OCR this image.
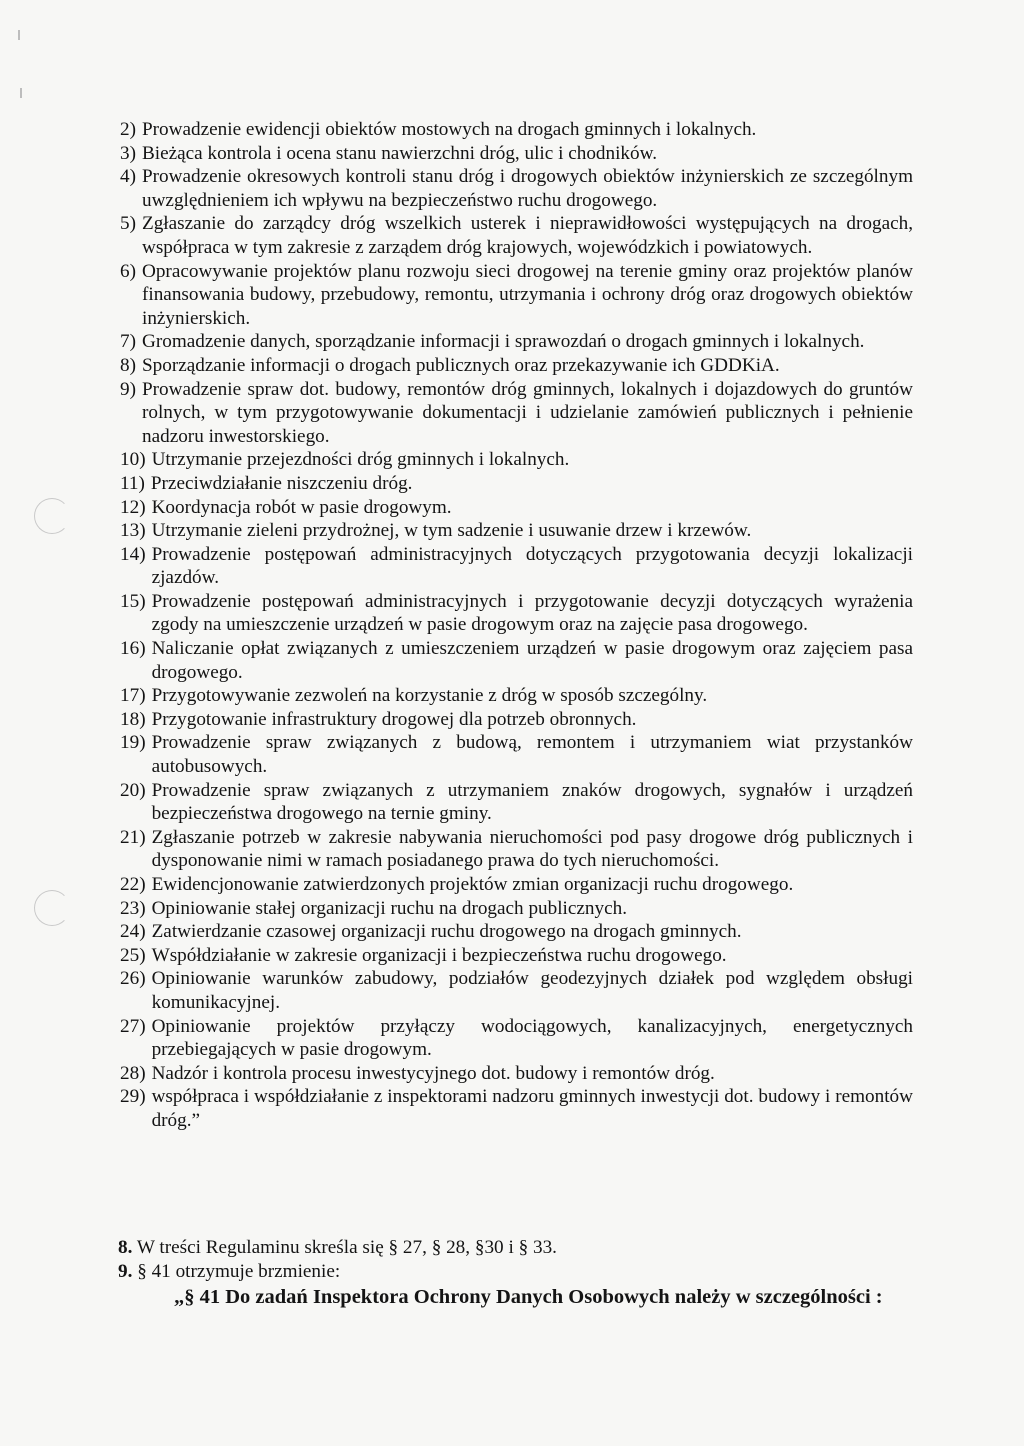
2) Prowadzenie ewidencji obiektów mostowych na drogach gminnych i lokalnych.
3) Bieżąca kontrola i ocena stanu nawierzchni dróg, ulic i chodników.
4) Prowadzenie okresowych kontroli stanu dróg i drogowych obiektów inżynierskich ze szczególnym uwzględnieniem ich wpływu na bezpieczeństwo ruchu drogowego.
5) Zgłaszanie do zarządcy dróg wszelkich usterek i nieprawidłowości występujących na drogach, współpraca w tym zakresie z zarządem dróg krajowych, wojewódzkich i powiatowych.
6) Opracowywanie projektów planu rozwoju sieci drogowej na terenie gminy oraz projektów planów finansowania budowy, przebudowy, remontu, utrzymania i ochrony dróg oraz drogowych obiektów inżynierskich.
7) Gromadzenie danych, sporządzanie informacji i sprawozdań o drogach gminnych i lokalnych.
8) Sporządzanie informacji o drogach publicznych oraz przekazywanie ich GDDKiA.
9) Prowadzenie spraw dot. budowy, remontów dróg gminnych, lokalnych i dojazdowych do gruntów rolnych, w tym przygotowywanie dokumentacji i udzielanie zamówień publicznych i pełnienie nadzoru inwestorskiego.
10) Utrzymanie przejezdności dróg gminnych i lokalnych.
11) Przeciwdziałanie niszczeniu dróg.
12) Koordynacja robót w pasie drogowym.
13) Utrzymanie zieleni przydrożnej, w tym sadzenie i usuwanie drzew i krzewów.
14) Prowadzenie postępowań administracyjnych dotyczących przygotowania decyzji lokalizacji zjazdów.
15) Prowadzenie postępowań administracyjnych i przygotowanie decyzji dotyczących wyrażenia zgody na umieszczenie urządzeń w pasie drogowym oraz na zajęcie pasa drogowego.
16) Naliczanie opłat związanych z umieszczeniem urządzeń w pasie drogowym oraz zajęciem pasa drogowego.
17) Przygotowywanie zezwoleń na korzystanie z dróg w sposób szczególny.
18) Przygotowanie infrastruktury drogowej dla potrzeb obronnych.
19) Prowadzenie spraw związanych z budową, remontem i utrzymaniem wiat przystanków autobusowych.
20) Prowadzenie spraw związanych z utrzymaniem znaków drogowych, sygnałów i urządzeń bezpieczeństwa drogowego na ternie gminy.
21) Zgłaszanie potrzeb w zakresie nabywania nieruchomości pod pasy drogowe dróg publicznych i dysponowanie nimi w ramach posiadanego prawa do tych nieruchomości.
22) Ewidencjonowanie zatwierdzonych projektów zmian organizacji ruchu drogowego.
23) Opiniowanie stałej organizacji ruchu na drogach publicznych.
24) Zatwierdzanie czasowej organizacji ruchu drogowego na drogach gminnych.
25) Współdziałanie w zakresie organizacji i bezpieczeństwa ruchu drogowego.
26) Opiniowanie warunków zabudowy, podziałów geodezyjnych działek pod względem obsługi komunikacyjnej.
27) Opiniowanie projektów przyłączy wodociągowych, kanalizacyjnych, energetycznych przebiegających w pasie drogowym.
28) Nadzór i kontrola procesu inwestycyjnego dot. budowy i remontów dróg.
29) współpraca i współdziałanie z inspektorami nadzoru gminnych inwestycji dot. budowy i remontów dróg.”
8. W treści Regulaminu skreśla się § 27, § 28, §30 i § 33.
9. § 41 otrzymuje brzmienie:
„§ 41 Do zadań Inspektora Ochrony Danych Osobowych należy w szczególności :
